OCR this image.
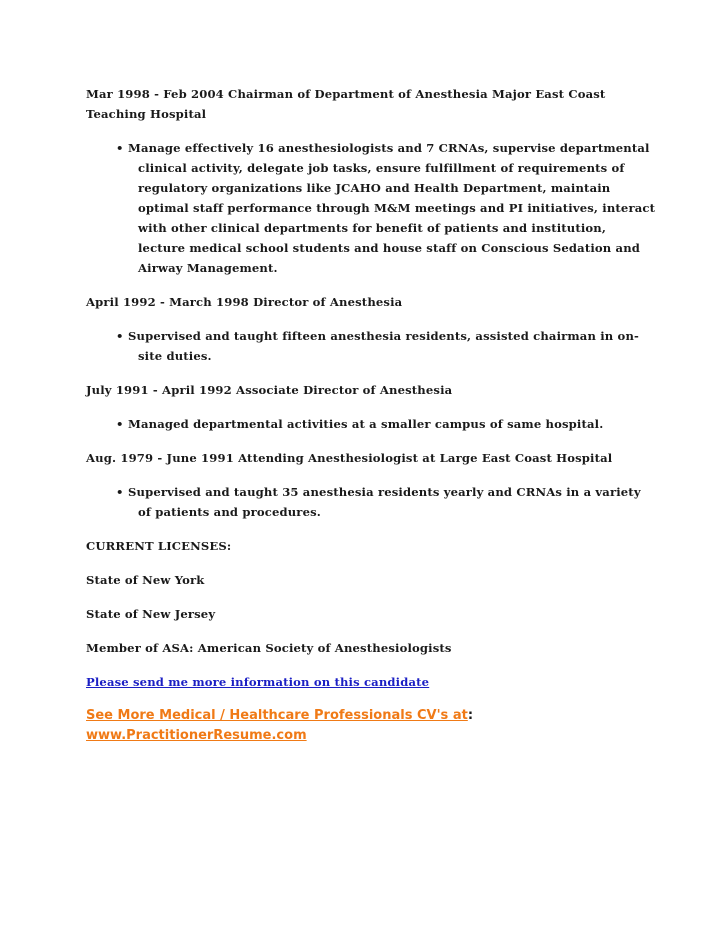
Mar 1998 - Feb 2004 Chairman of Department of Anesthesia Major East Coast Teaching Hospital
• Manage effectively 16 anesthesiologists and 7 CRNAs, supervise departmental clinical activity, delegate job tasks, ensure fulfillment of requirements of regulatory organizations like JCAHO and Health Department, maintain optimal staff performance through M&M meetings and PI initiatives, interact with other clinical departments for benefit of patients and institution, lecture medical school students and house staff on Conscious Sedation and Airway Management.
April 1992 - March 1998 Director of Anesthesia
• Supervised and taught fifteen anesthesia residents, assisted chairman in on-site duties.
July 1991 - April 1992 Associate Director of Anesthesia
• Managed departmental activities at a smaller campus of same hospital.
Aug. 1979 - June 1991 Attending Anesthesiologist at Large East Coast Hospital
• Supervised and taught 35 anesthesia residents yearly and CRNAs in a variety of patients and procedures.
CURRENT LICENSES:
State of New York
State of New Jersey
Member of ASA: American Society of Anesthesiologists
Please send me more information on this candidate
See More Medical / Healthcare Professionals CV's at: www.PractitionerResume.com
